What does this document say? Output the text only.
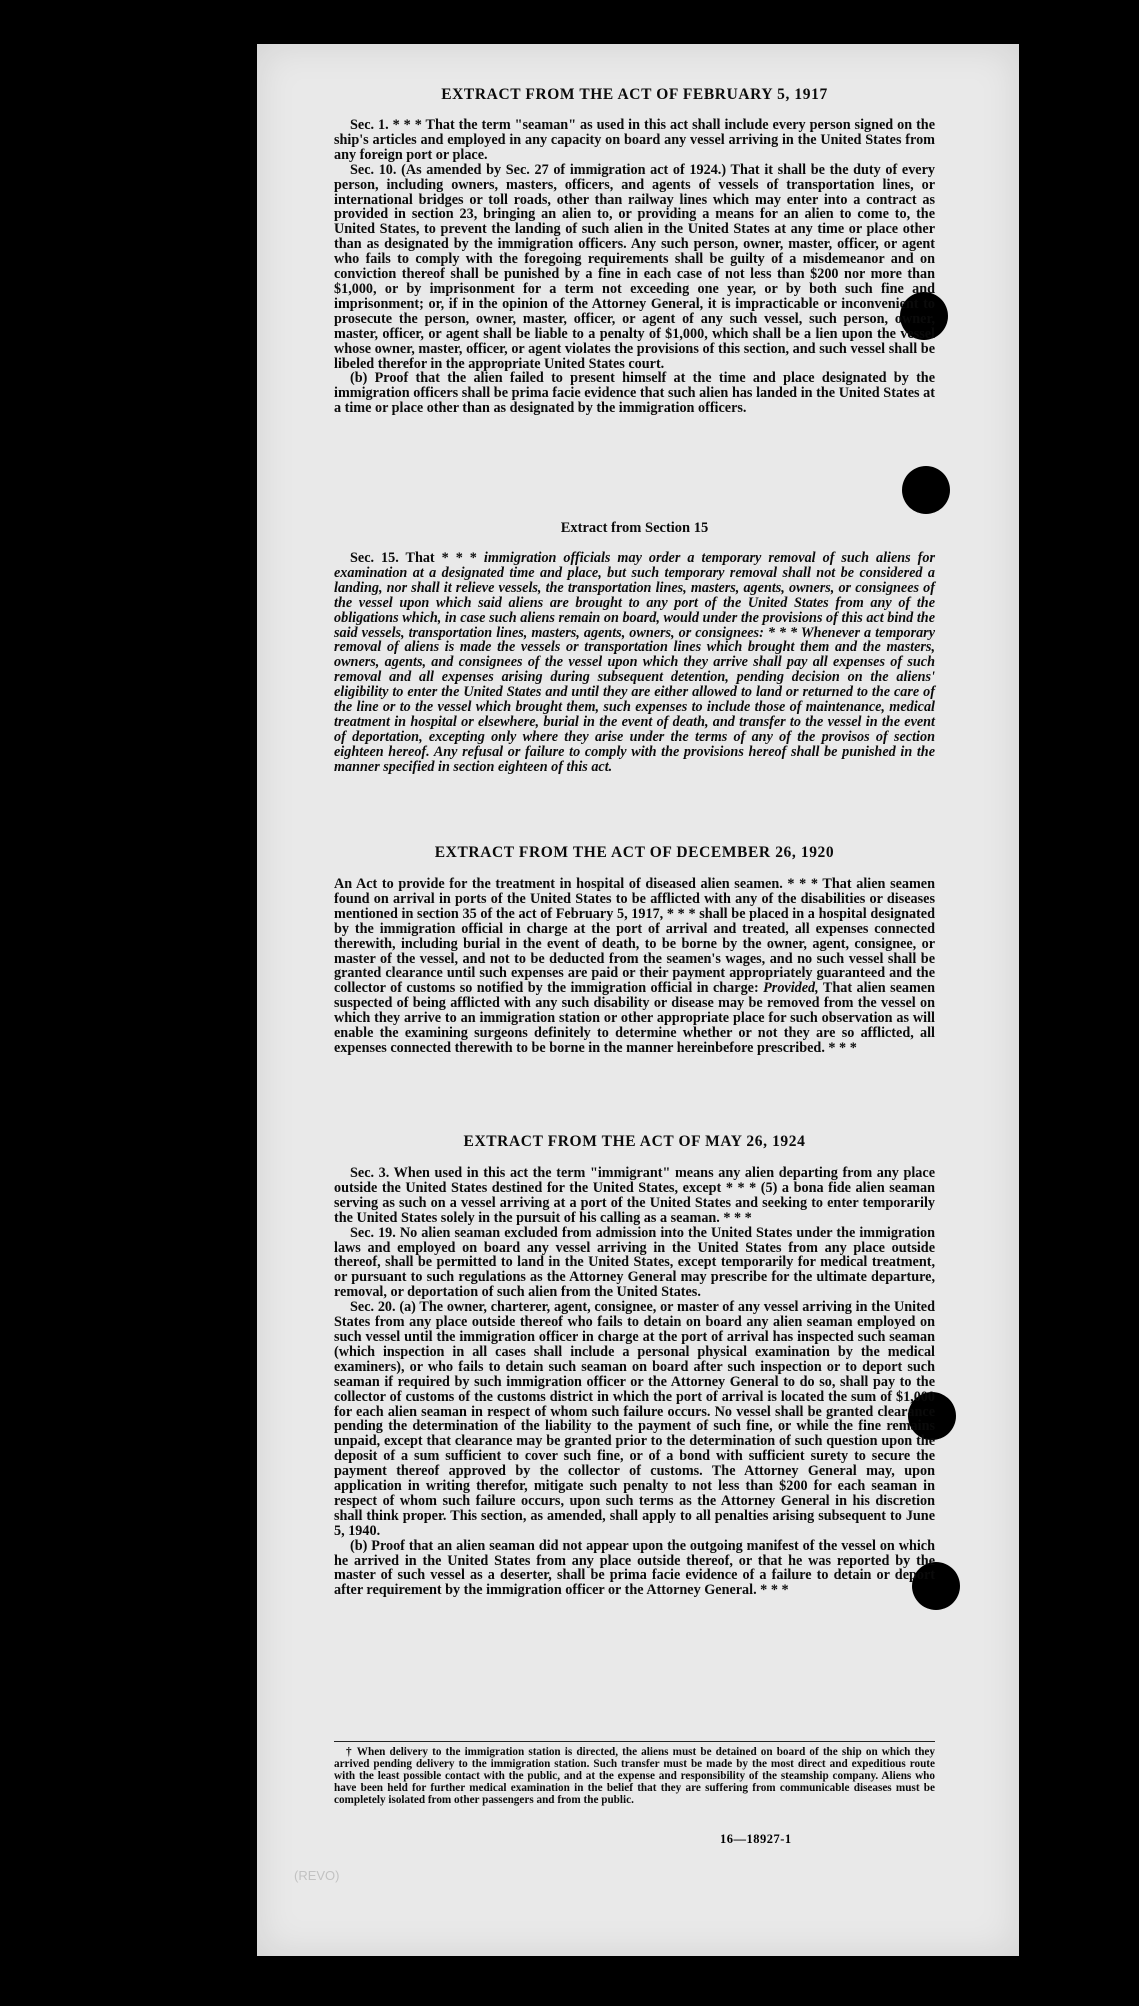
EXTRACT FROM THE ACT OF FEBRUARY 5, 1917

Sec. 1. * * * That the term "seaman" as used in this act shall include every person signed on the ship's articles and employed in any capacity on board any vessel arriving in the United States from any foreign port or place.

Sec. 10. (As amended by Sec. 27 of immigration act of 1924.) That it shall be the duty of every person, including owners, masters, officers, and agents of vessels of transportation lines, or international bridges or toll roads, other than railway lines which may enter into a contract as provided in section 23, bringing an alien to, or providing a means for an alien to come to, the United States, to prevent the landing of such alien in the United States at any time or place other than as designated by the immigration officers. Any such person, owner, master, officer, or agent who fails to comply with the foregoing requirements shall be guilty of a misdemeanor and on conviction thereof shall be punished by a fine in each case of not less than $200 nor more than $1,000, or by imprisonment for a term not exceeding one year, or by both such fine and imprisonment; or, if in the opinion of the Attorney General, it is impracticable or inconvenient to prosecute the person, owner, master, officer, or agent of any such vessel, such person, owner, master, officer, or agent shall be liable to a penalty of $1,000, which shall be a lien upon the vessel whose owner, master, officer, or agent violates the provisions of this section, and such vessel shall be libeled therefor in the appropriate United States court.

(b) Proof that the alien failed to present himself at the time and place designated by the immigration officers shall be prima facie evidence that such alien has landed in the United States at a time or place other than as designated by the immigration officers.

Extract from Section 15

Sec. 15. That * * * immigration officials may order a temporary removal of such aliens for examination at a designated time and place, but such temporary removal shall not be considered a landing, nor shall it relieve vessels, the transportation lines, masters, agents, owners, or consignees of the vessel upon which said aliens are brought to any port of the United States from any of the obligations which, in case such aliens remain on board, would under the provisions of this act bind the said vessels, transportation lines, masters, agents, owners, or consignees: * * * Whenever a temporary removal of aliens is made the vessels or transportation lines which brought them and the masters, owners, agents, and consignees of the vessel upon which they arrive shall pay all expenses of such removal and all expenses arising during subsequent detention, pending decision on the aliens' eligibility to enter the United States and until they are either allowed to land or returned to the care of the line or to the vessel which brought them, such expenses to include those of maintenance, medical treatment in hospital or elsewhere, burial in the event of death, and transfer to the vessel in the event of deportation, excepting only where they arise under the terms of any of the provisos of section eighteen hereof. Any refusal or failure to comply with the provisions hereof shall be punished in the manner specified in section eighteen of this act.

EXTRACT FROM THE ACT OF DECEMBER 26, 1920

An Act to provide for the treatment in hospital of diseased alien seamen. * * * That alien seamen found on arrival in ports of the United States to be afflicted with any of the disabilities or diseases mentioned in section 35 of the act of February 5, 1917, * * * shall be placed in a hospital designated by the immigration official in charge at the port of arrival and treated, all expenses connected therewith, including burial in the event of death, to be borne by the owner, agent, consignee, or master of the vessel, and not to be deducted from the seamen's wages, and no such vessel shall be granted clearance until such expenses are paid or their payment appropriately guaranteed and the collector of customs so notified by the immigration official in charge: Provided, That alien seamen suspected of being afflicted with any such disability or disease may be removed from the vessel on which they arrive to an immigration station or other appropriate place for such observation as will enable the examining surgeons definitely to determine whether or not they are so afflicted, all expenses connected therewith to be borne in the manner hereinbefore prescribed. * * *

EXTRACT FROM THE ACT OF MAY 26, 1924

Sec. 3. When used in this act the term "immigrant" means any alien departing from any place outside the United States destined for the United States, except * * * (5) a bona fide alien seaman serving as such on a vessel arriving at a port of the United States and seeking to enter temporarily the United States solely in the pursuit of his calling as a seaman. * * *

Sec. 19. No alien seaman excluded from admission into the United States under the immigration laws and employed on board any vessel arriving in the United States from any place outside thereof, shall be permitted to land in the United States, except temporarily for medical treatment, or pursuant to such regulations as the Attorney General may prescribe for the ultimate departure, removal, or deportation of such alien from the United States.

Sec. 20. (a) The owner, charterer, agent, consignee, or master of any vessel arriving in the United States from any place outside thereof who fails to detain on board any alien seaman employed on such vessel until the immigration officer in charge at the port of arrival has inspected such seaman (which inspection in all cases shall include a personal physical examination by the medical examiners), or who fails to detain such seaman on board after such inspection or to deport such seaman if required by such immigration officer or the Attorney General to do so, shall pay to the collector of customs of the customs district in which the port of arrival is located the sum of $1,000 for each alien seaman in respect of whom such failure occurs. No vessel shall be granted clearance pending the determination of the liability to the payment of such fine, or while the fine remains unpaid, except that clearance may be granted prior to the determination of such question upon the deposit of a sum sufficient to cover such fine, or of a bond with sufficient surety to secure the payment thereof approved by the collector of customs. The Attorney General may, upon application in writing therefor, mitigate such penalty to not less than $200 for each seaman in respect of whom such failure occurs, upon such terms as the Attorney General in his discretion shall think proper. This section, as amended, shall apply to all penalties arising subsequent to June 5, 1940.

(b) Proof that an alien seaman did not appear upon the outgoing manifest of the vessel on which he arrived in the United States from any place outside thereof, or that he was reported by the master of such vessel as a deserter, shall be prima facie evidence of a failure to detain or deport after requirement by the immigration officer or the Attorney General. * * *

† When delivery to the immigration station is directed, the aliens must be detained on board of the ship on which they arrived pending delivery to the immigration station. Such transfer must be made by the most direct and expeditious route with the least possible contact with the public, and at the expense and responsibility of the steamship company. Aliens who have been held for further medical examination in the belief that they are suffering from communicable diseases must be completely isolated from other passengers and from the public.

16—18927-1
(REVO)
